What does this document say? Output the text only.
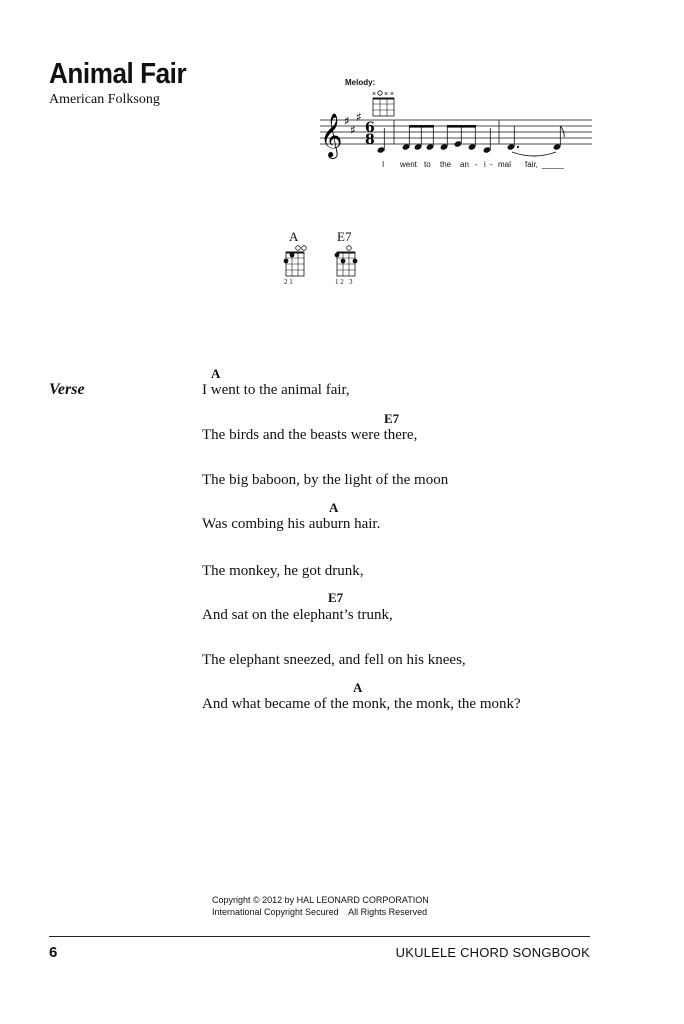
Animal Fair
American Folksong
Melody:
× × ×
𝄞 ♯
♯
♯
6
8
I went to the an - i - mal fair, _____
A
2 1
E7
1 2   3
Verse
A
I went to the animal fair,
E7
The birds and the beasts were there,
The big baboon, by the light of the moon
A
Was combing his auburn hair.
The monkey, he got drunk,
E7
And sat on the elephant’s trunk,
The elephant sneezed, and fell on his knees,
A
And what became of the monk, the monk, the monk?
Copyright © 2012 by HAL LEONARD CORPORATION
International Copyright Secured    All Rights Reserved
6	UKULELE CHORD SONGBOOK
